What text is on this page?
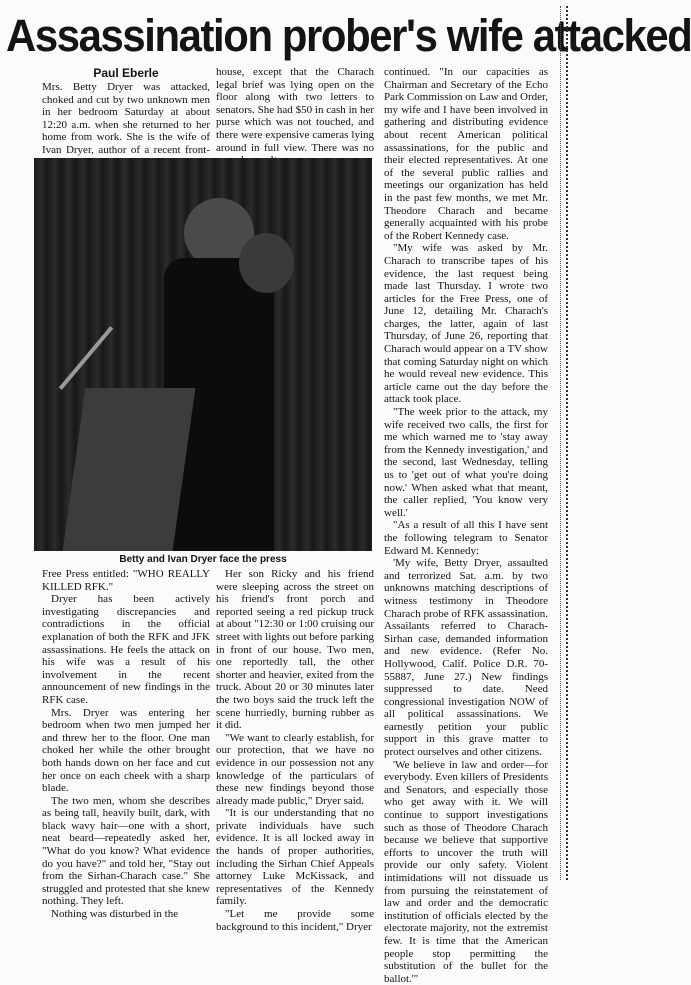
Assassination prober's wife attacked
Paul Eberle

Mrs. Betty Dryer was attacked, choked and cut by two unknown men in her bedroom Saturday at about 12:20 a.m. when she returned to her home from work. She is the wife of Ivan Dryer, author of a recent front-

house, except that the Charach legal brief was lying open on the floor along with two letters to senators. She had $50 in cash in her purse which was not touched, and there were expensive cameras lying around in full view. There was no

Betty and Ivan Dryer face the press

Free Press entitled: "WHO REALLY KILLED RFK."

Dryer has been actively investigating discrepancies and contradictions in the official explanation of both the RFK and JFK assassinations. He feels the attack on his wife was a result of his involvement in the recent announcement of new findings in the RFK case.

Mrs. Dryer was entering her bedroom when two men jumped her and threw her to the floor. One man choked her while the other brought both hands down on her face and cut her once on each cheek with a sharp blade.

The two men, whom she describes as being tall, heavily built, dark, with black wavy hair—one with a short, neat beard—repeatedly asked her, "What do you know? What evidence do you have?" and told her, "Stay out from the Sirhan-Charach case." She struggled and protested that she knew nothing. They left.

Nothing was disturbed in the

Her son Ricky and his friend were sleeping across the street on his friend's front porch and reported seeing a red pickup truck at about "12:30 or 1:00 cruising our street with lights out before parking in front of our house. Two men, one reportedly tall, the other shorter and heavier, exited from the truck. About 20 or 30 minutes later the two boys said the truck left the scene hurriedly, burning rubber as it did.

"We want to clearly establish, for our protection, that we have no evidence in our possession not any knowledge of the particulars of these new findings beyond those already made public," Dryer said.

"It is our understanding that no private individuals have such evidence. It is all locked away in the hands of proper authorities, including the Sirhan Chief Appeals attorney Luke McKissack, and representatives of the Kennedy family.

"Let me provide some background to this incident," Dryer

continued. "In our capacities as Chairman and Secretary of the Echo Park Commission on Law and Order, my wife and I have been involved in gathering and distributing evidence about recent American political assassinations, for the public and their elected representatives. At one of the several public rallies and meetings our organization has held in the past few months, we met Mr. Theodore Charach and became generally acquainted with his probe of the Robert Kennedy case.

"My wife was asked by Mr. Charach to transcribe tapes of his evidence, the last request being made last Thursday. I wrote two articles for the Free Press, one of June 12, detailing Mr. Charach's charges, the latter, again of last Thursday, of June 26, reporting that Charach would appear on a TV show that coming Saturday night on which he would reveal new evidence. This article came out the day before the attack took place.

"The week prior to the attack, my wife received two calls, the first for me which warned me to 'stay away from the Kennedy investigation,' and the second, last Wednesday, telling us to 'get out of what you're doing now.' When asked what that meant, the caller replied, 'You know very well.'

"As a result of all this I have sent the following telegram to Senator Edward M. Kennedy:

'My wife, Betty Dryer, assaulted and terrorized Sat. a.m. by two unknowns matching descriptions of witness testimony in Theodore Charach probe of RFK assassination. Assailants referred to Charach-Sirhan case, demanded information and new evidence. (Refer No. Hollywood, Calif. Police D.R. 70-55887, June 27.) New findings suppressed to date. Need congressional investigation NOW of all political assassinations. We earnestly petition your public support in this grave matter to protect ourselves and other citizens.

'We believe in law and order—for everybody. Even killers of Presidents and Senators, and especially those who get away with it. We will continue to support investigations such as those of Theodore Charach because we believe that supportive efforts to uncover the truth will provide our only safety. Violent intimidations will not dissuade us from pursuing the reinstatement of law and order and the democratic institution of officials elected by the electorate majority, not the extremist few. It is time that the American people stop permitting the substitution of the bullet for the ballot.'"
